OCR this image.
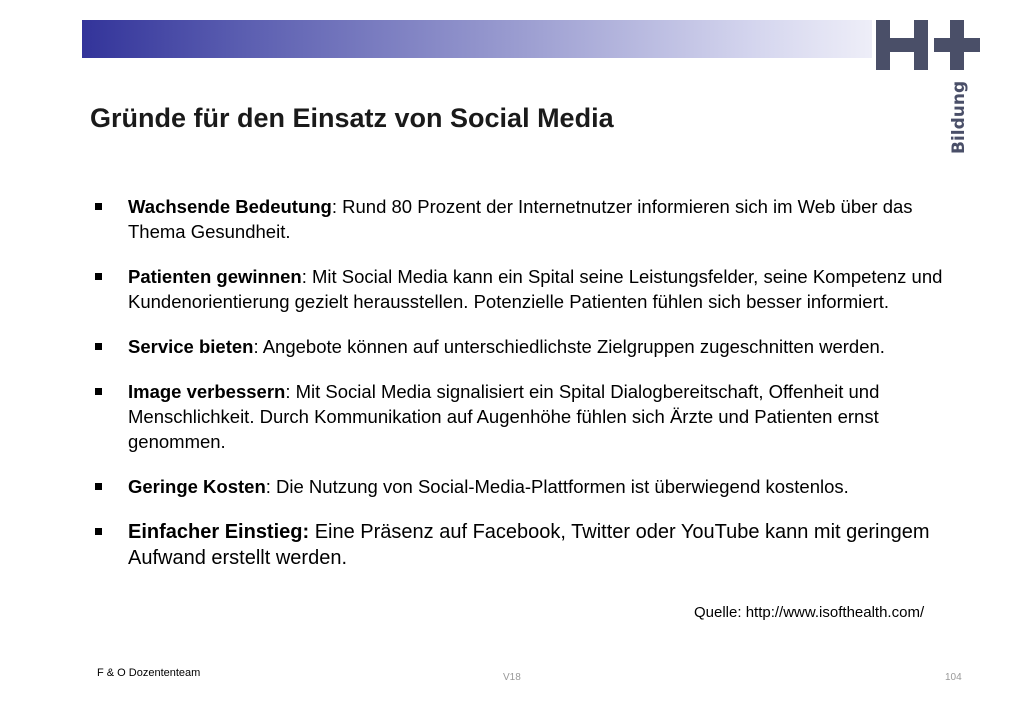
Bildung
Gründe für den Einsatz von Social Media
Wachsende Bedeutung: Rund 80 Prozent der Internetnutzer informieren sich im Web über das Thema Gesundheit.
Patienten gewinnen: Mit Social Media kann ein Spital seine Leistungsfelder, seine Kompetenz und Kundenorientierung gezielt herausstellen. Potenzielle Patienten fühlen sich besser informiert.
Service bieten: Angebote können auf unterschiedlichste Zielgruppen zugeschnitten werden.
Image verbessern: Mit Social Media signalisiert ein Spital Dialogbereitschaft, Offenheit und Menschlichkeit. Durch Kommunikation auf Augenhöhe fühlen sich Ärzte und Patienten ernst genommen.
Geringe Kosten: Die Nutzung von Social-Media-Plattformen ist überwiegend kostenlos.
Einfacher Einstieg: Eine Präsenz auf Facebook, Twitter oder YouTube kann mit geringem Aufwand erstellt werden.
Quelle: http://www.isofthealth.com/
F & O Dozententeam	V18	104
